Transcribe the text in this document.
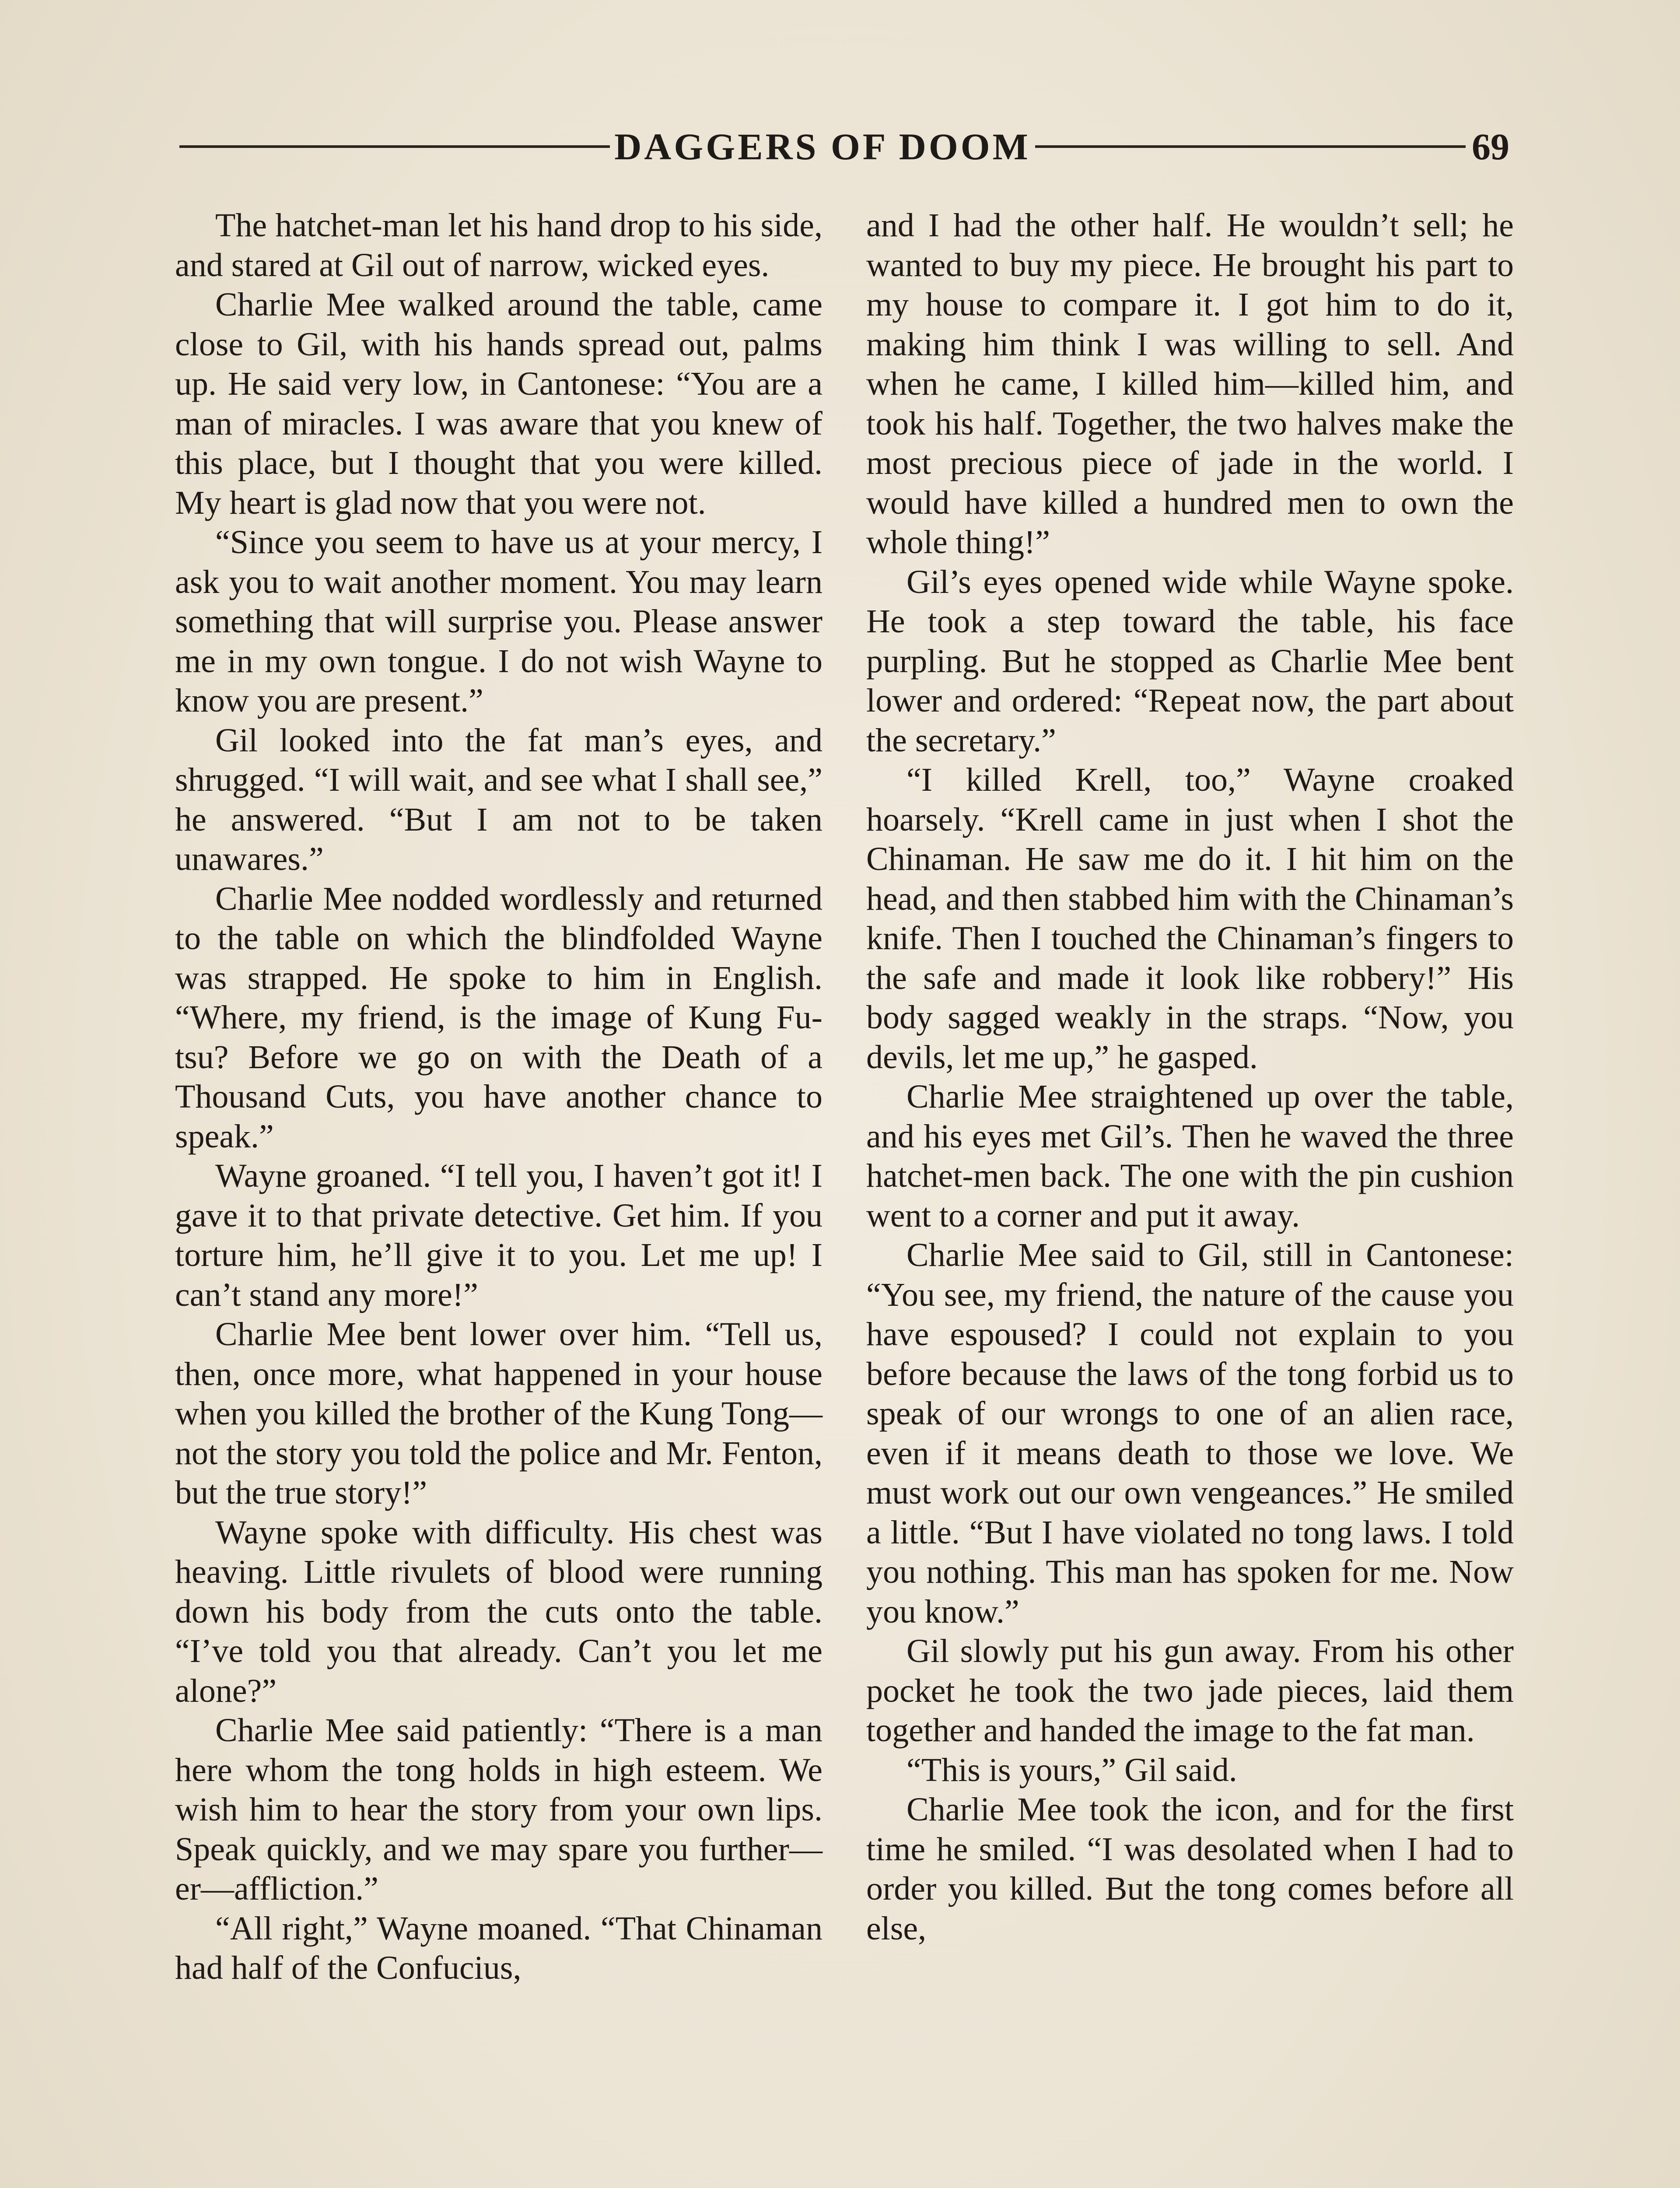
DAGGERS OF DOOM	69

The hatchet-man let his hand drop to his side, and stared at Gil out of narrow, wicked eyes.

Charlie Mee walked around the table, came close to Gil, with his hands spread out, palms up. He said very low, in Cantonese: “You are a man of miracles. I was aware that you knew of this place, but I thought that you were killed. My heart is glad now that you were not.

“Since you seem to have us at your mercy, I ask you to wait another moment. You may learn something that will surprise you. Please answer me in my own tongue. I do not wish Wayne to know you are present.”

Gil looked into the fat man’s eyes, and shrugged. “I will wait, and see what I shall see,” he answered. “But I am not to be taken unawares.”

Charlie Mee nodded wordlessly and returned to the table on which the blindfolded Wayne was strapped. He spoke to him in English. “Where, my friend, is the image of Kung Fu-tsu? Before we go on with the Death of a Thousand Cuts, you have another chance to speak.”

Wayne groaned. “I tell you, I haven’t got it! I gave it to that private detective. Get him. If you torture him, he’ll give it to you. Let me up! I can’t stand any more!”

Charlie Mee bent lower over him. “Tell us, then, once more, what happened in your house when you killed the brother of the Kung Tong—not the story you told the police and Mr. Fenton, but the true story!”

Wayne spoke with difficulty. His chest was heaving. Little rivulets of blood were running down his body from the cuts onto the table. “I’ve told you that already. Can’t you let me alone?”

Charlie Mee said patiently: “There is a man here whom the tong holds in high esteem. We wish him to hear the story from your own lips. Speak quickly, and we may spare you further—er—affliction.”

“All right,” Wayne moaned. “That Chinaman had half of the Confucius,

and I had the other half. He wouldn’t sell; he wanted to buy my piece. He brought his part to my house to compare it. I got him to do it, making him think I was willing to sell. And when he came, I killed him—killed him, and took his half. Together, the two halves make the most precious piece of jade in the world. I would have killed a hundred men to own the whole thing!”

Gil’s eyes opened wide while Wayne spoke. He took a step toward the table, his face purpling. But he stopped as Charlie Mee bent lower and ordered: “Repeat now, the part about the secretary.”

“I killed Krell, too,” Wayne croaked hoarsely. “Krell came in just when I shot the Chinaman. He saw me do it. I hit him on the head, and then stabbed him with the Chinaman’s knife. Then I touched the Chinaman’s fingers to the safe and made it look like robbery!” His body sagged weakly in the straps. “Now, you devils, let me up,” he gasped.

Charlie Mee straightened up over the table, and his eyes met Gil’s. Then he waved the three hatchet-men back. The one with the pin cushion went to a corner and put it away.

Charlie Mee said to Gil, still in Cantonese: “You see, my friend, the nature of the cause you have espoused? I could not explain to you before because the laws of the tong forbid us to speak of our wrongs to one of an alien race, even if it means death to those we love. We must work out our own vengeances.” He smiled a little. “But I have violated no tong laws. I told you nothing. This man has spoken for me. Now you know.”

Gil slowly put his gun away. From his other pocket he took the two jade pieces, laid them together and handed the image to the fat man.

“This is yours,” Gil said.

Charlie Mee took the icon, and for the first time he smiled. “I was desolated when I had to order you killed. But the tong comes before all else,
